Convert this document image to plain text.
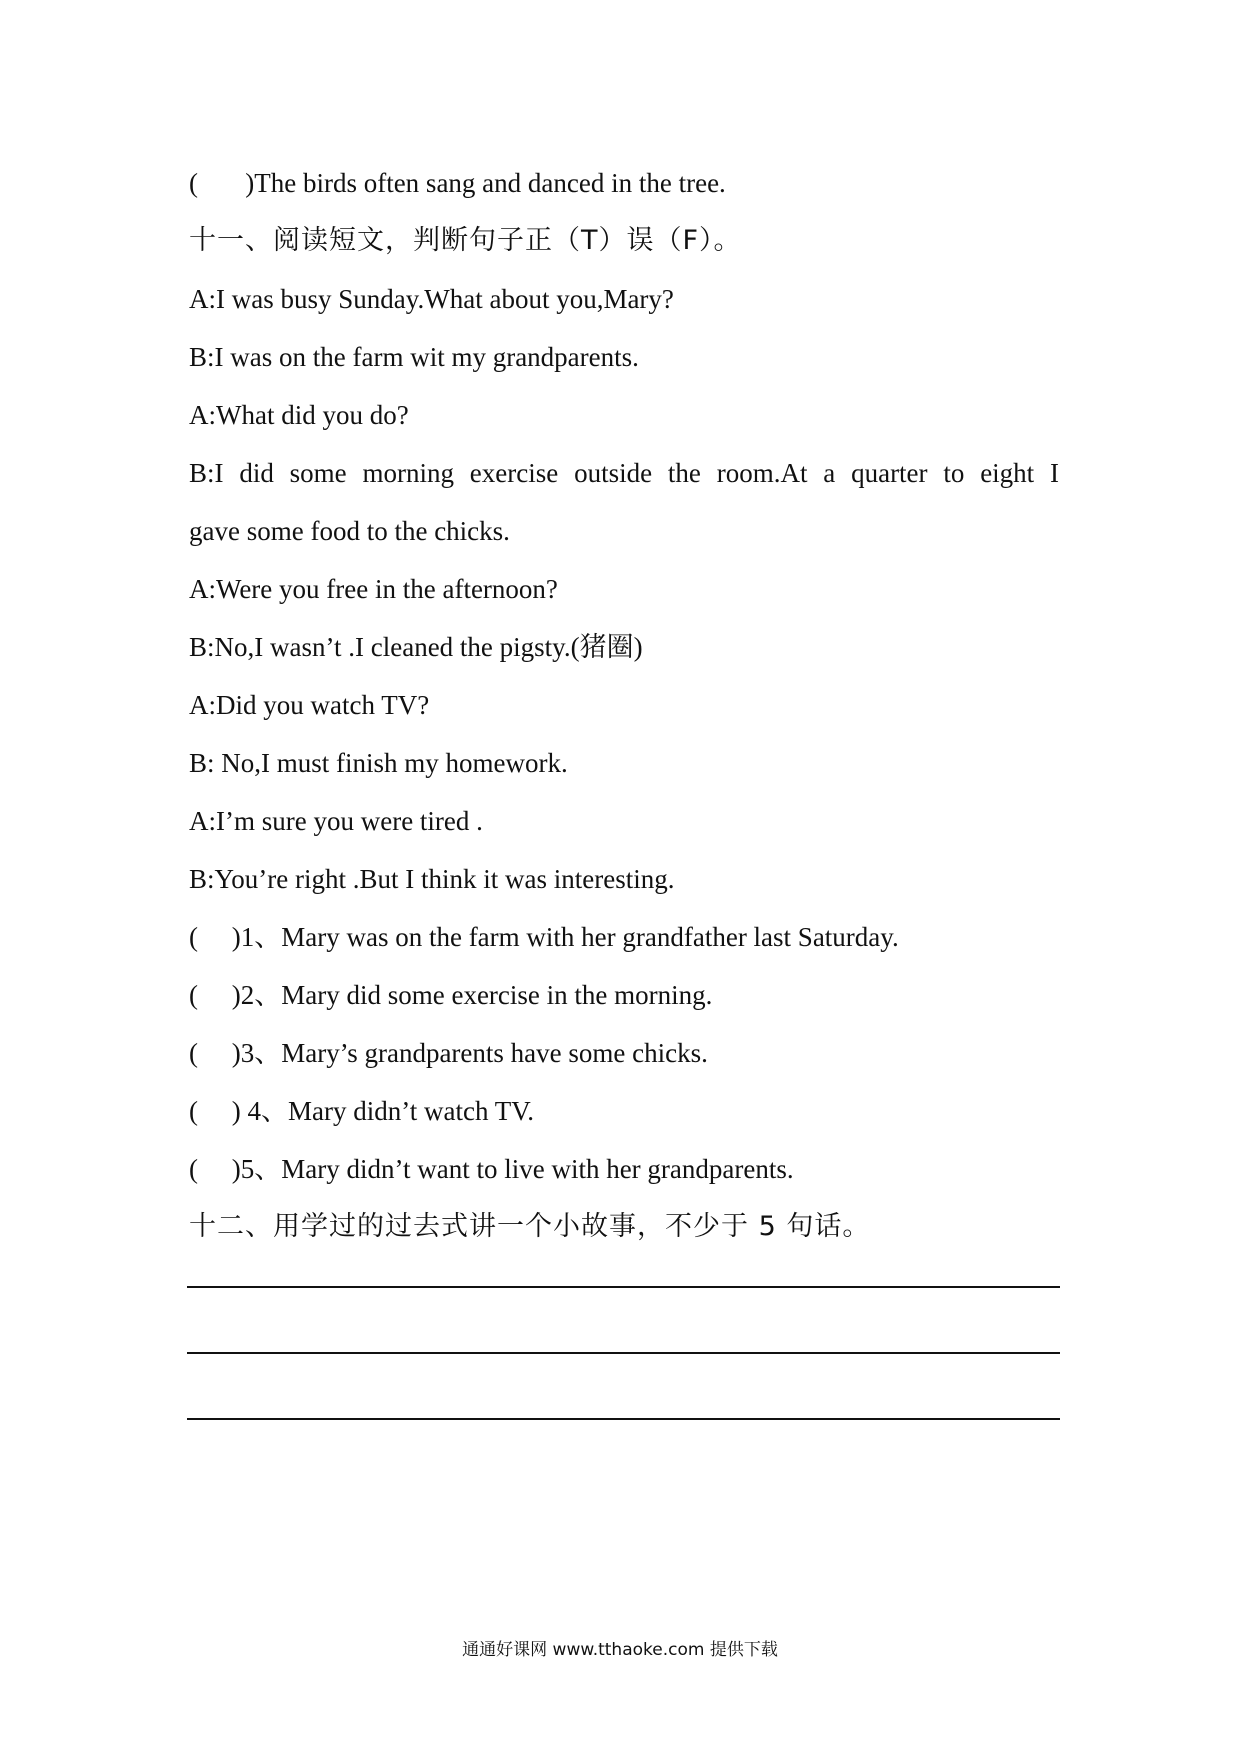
(       )The birds often sang and danced in the tree.
十一、阅读短文，判断句子正（T）误（F）。
A:I was busy Sunday.What about you,Mary?
B:I was on the farm wit my grandparents.
A:What did you do?
B:I did some morning exercise outside the room.At a quarter to eight I
gave some food to the chicks.
A:Were you free in the afternoon?
B:No,I wasn’t .I cleaned the pigsty.(猪圈)
A:Did you watch TV?
B: No,I must finish my homework.
A:I’m sure you were tired .
B:You’re right .But I think it was interesting.
(     )1、Mary was on the farm with her grandfather last Saturday.
(     )2、Mary did some exercise in the morning.
(     )3、Mary’s grandparents have some chicks.
(     ) 4、Mary didn’t watch TV.
(     )5、Mary didn’t want to live with her grandparents.
十二、用学过的过去式讲一个小故事，不少于 5 句话。
通通好课网 www.tthaoke.com 提供下载
